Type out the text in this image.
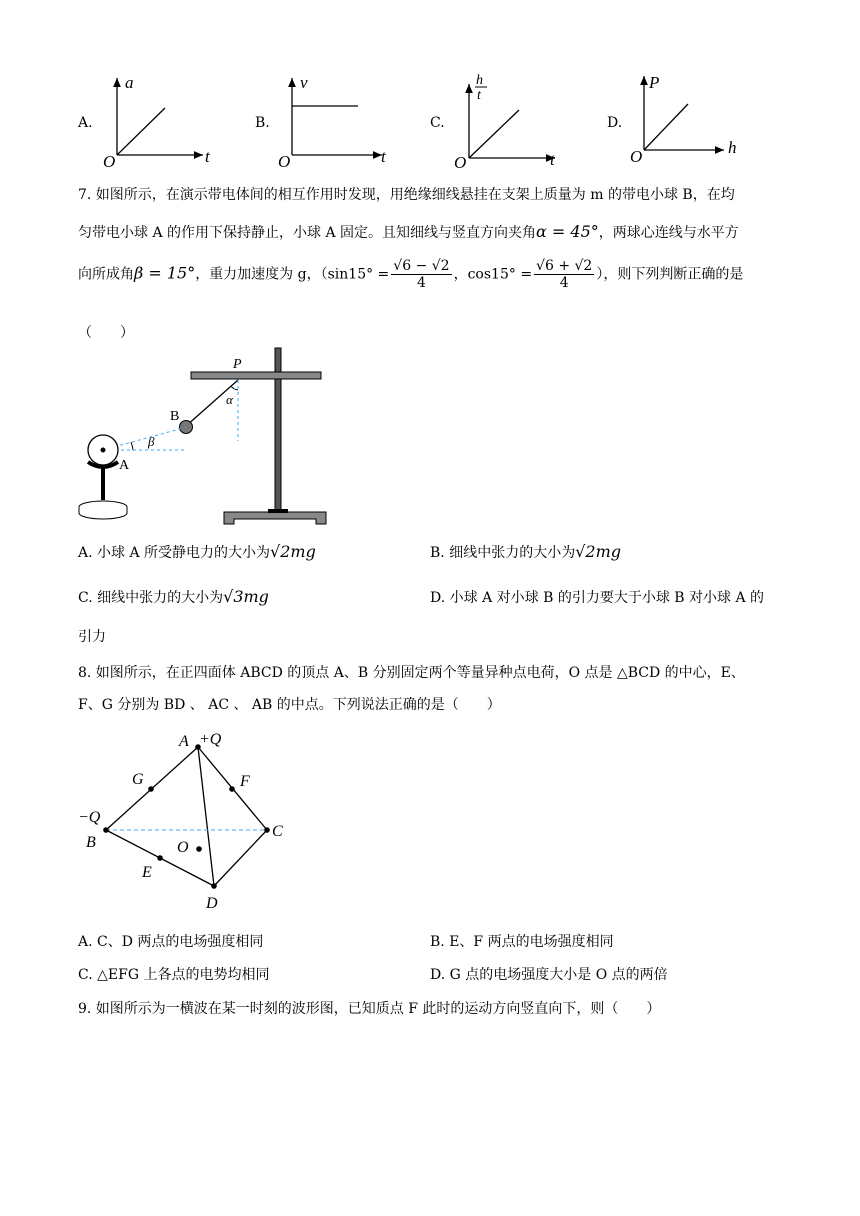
A.
a
t
O
B.
v
t
O
C.
h
t
t
O
D.
P
h
O
7. 如图所示，在演示带电体间的相互作用时发现，用绝缘细线悬挂在支架上质量为 m 的带电小球 B，在均
匀带电小球 A 的作用下保持静止，小球 A 固定。且知细线与竖直方向夹角α = 45°，两球心连线与水平方
向所成角β = 15°，重力加速度为 g，（$\sin 15^\circ = \frac{√6 - √2}{4}$ ，$\cos 15^\circ = \frac{√6 + √2}{4}$ ），则下列判断正确的是
（　　）
P
α
B
β
A
A. 小球 A 所受静电力的大小为√2mg	B. 细线中张力的大小为√2mg
C. 细线中张力的大小为√3mg	D. 小球 A 对小球 B 的引力要大于小球 B 对小球 A 的
引力
8. 如图所示，在正四面体 ABCD 的顶点 A、B 分别固定两个等量异种点电荷，O 点是 △BCD 的中心，E、
F、G 分别为 BD 、 AC 、 AB 的中点。下列说法正确的是（　　）
A +Q
−Q
B
C
D
E
F
G
O
A. C、D 两点的电场强度相同	B. E、F 两点的电场强度相同
C. △EFG 上各点的电势均相同	D. G 点的电场强度大小是 O 点的两倍
9. 如图所示为一横波在某一时刻的波形图，已知质点 F 此时的运动方向竖直向下，则（　　）
